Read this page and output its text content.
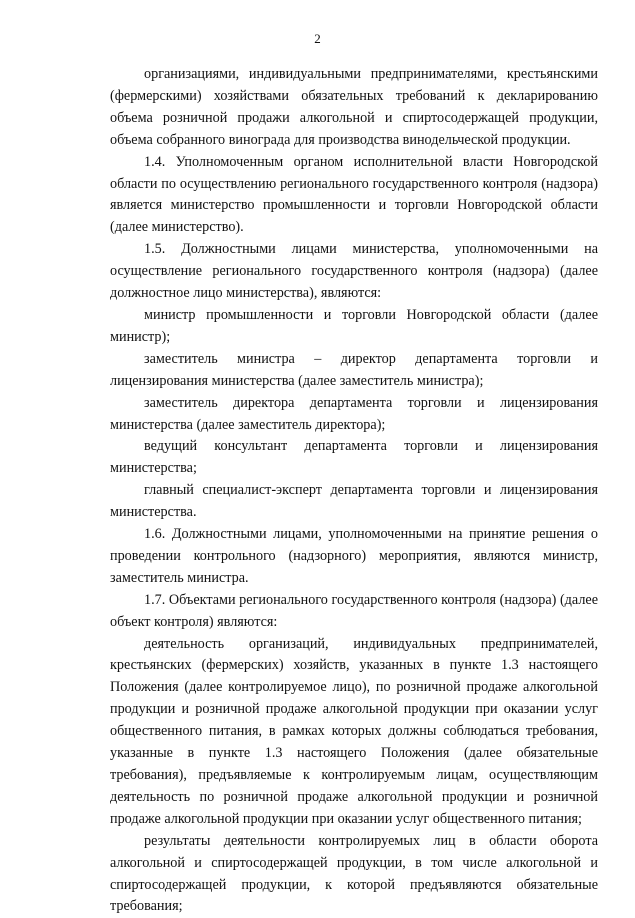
2

организациями, индивидуальными предпринимателями, крестьянскими (фермерскими) хозяйствами обязательных требований к декларированию объема розничной продажи алкогольной и спиртосодержащей продукции, объема собранного винограда для производства винодельческой продукции.

1.4. Уполномоченным органом исполнительной власти Новгородской области по осуществлению регионального государственного контроля (надзора) является министерство промышленности и торговли Новгородской области (далее министерство).

1.5. Должностными лицами министерства, уполномоченными на осуществление регионального государственного контроля (надзора) (далее должностное лицо министерства), являются:

министр промышленности и торговли Новгородской области (далее министр);

заместитель министра – директор департамента торговли и лицензирования министерства (далее заместитель министра);

заместитель директора департамента торговли и лицензирования министерства (далее заместитель директора);

ведущий консультант департамента торговли и лицензирования министерства;

главный специалист-эксперт департамента торговли и лицензирования министерства.

1.6. Должностными лицами, уполномоченными на принятие решения о проведении контрольного (надзорного) мероприятия, являются министр, заместитель министра.

1.7. Объектами регионального государственного контроля (надзора) (далее объект контроля) являются:

деятельность организаций, индивидуальных предпринимателей, крестьянских (фермерских) хозяйств, указанных в пункте 1.3 настоящего Положения (далее контролируемое лицо), по розничной продаже алкогольной продукции и розничной продаже алкогольной продукции при оказании услуг общественного питания, в рамках которых должны соблюдаться требования, указанные в пункте 1.3 настоящего Положения (далее обязательные требования), предъявляемые к контролируемым лицам, осуществляющим деятельность по розничной продаже алкогольной продукции и розничной продаже алкогольной продукции при оказании услуг общественного питания;

результаты деятельности контролируемых лиц в области оборота алкогольной и спиртосодержащей продукции, в том числе алкогольной и спиртосодержащей продукции, к которой предъявляются обязательные требования;
